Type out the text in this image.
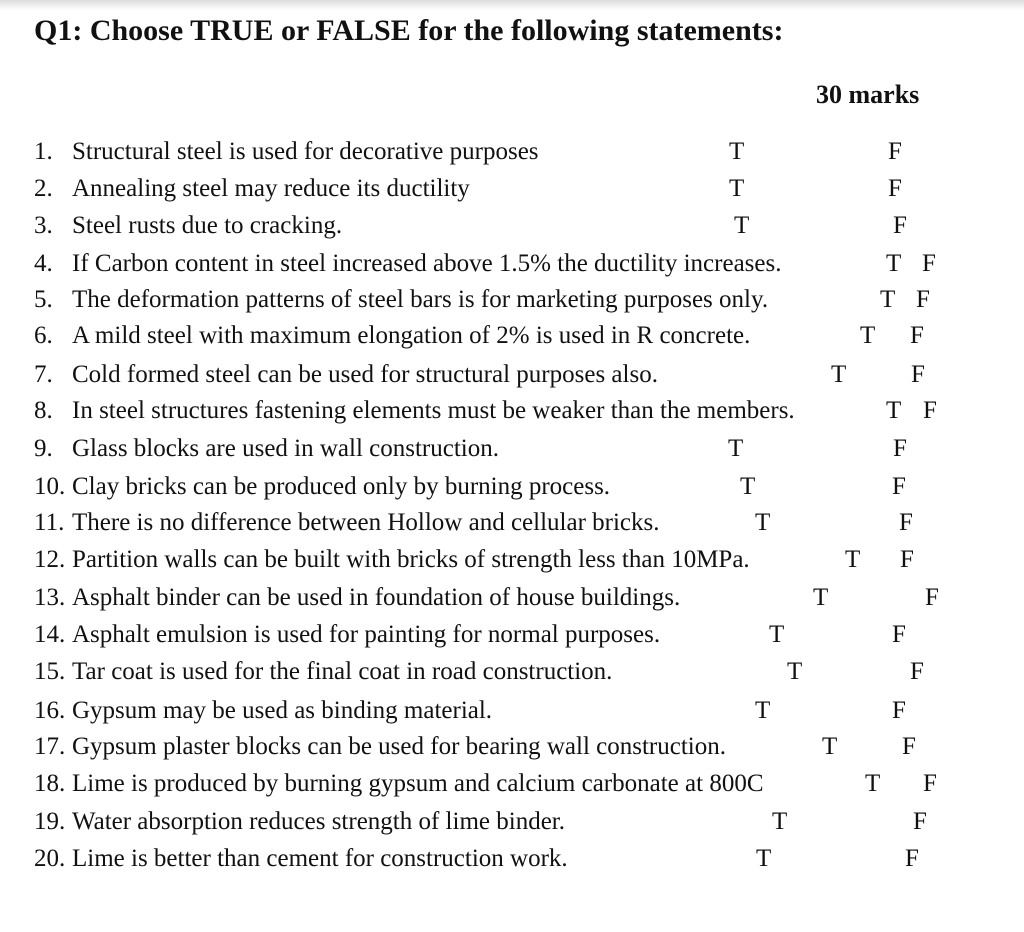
Q1: Choose TRUE or FALSE for the following statements:
30 marks
1. Structural steel is used for decorative purposes	T	F
2. Annealing steel may reduce its ductility	T	F
3. Steel rusts due to cracking.	T	F
4. If Carbon content in steel increased above 1.5% the ductility increases.	T F
5. The deformation patterns of steel bars is for marketing purposes only.	T F
6. A mild steel with maximum elongation of 2% is used in R concrete.	T F
7. Cold formed steel can be used for structural purposes also.	T	F
8. In steel structures fastening elements must be weaker than the members.	T F
9. Glass blocks are used in wall construction.	T	F
10. Clay bricks can be produced only by burning process.	T	F
11. There is no difference between Hollow and cellular bricks.	T	F
12. Partition walls can be built with bricks of strength less than 10MPa.	T F
13. Asphalt binder can be used in foundation of house buildings.	T	F
14. Asphalt emulsion is used for painting for normal purposes.	T	F
15. Tar coat is used for the final coat in road construction.	T	F
16. Gypsum may be used as binding material.	T	F
17. Gypsum plaster blocks can be used for bearing wall construction.	T	F
18. Lime is produced by burning gypsum and calcium carbonate at 800C	T F
19. Water absorption reduces strength of lime binder.	T	F
20. Lime is better than cement for construction work.	T	F
